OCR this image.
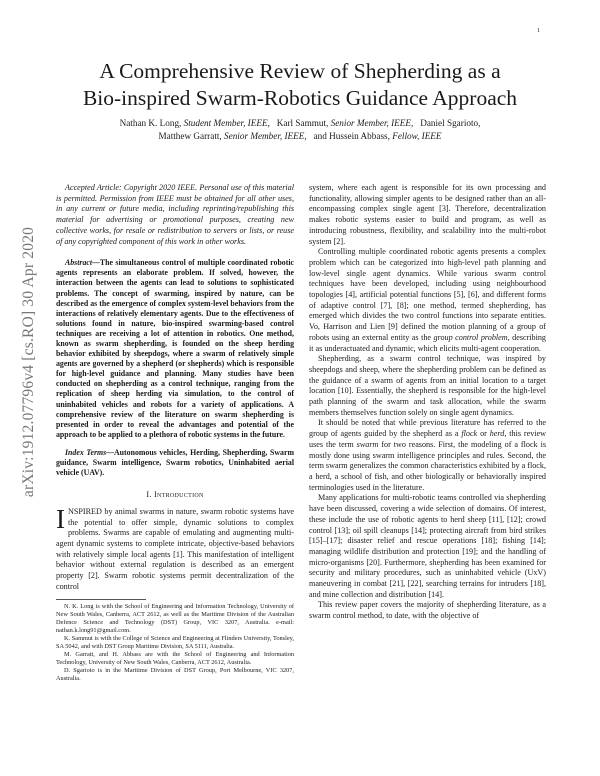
1
arXiv:1912.07796v4 [cs.RO] 30 Apr 2020
A Comprehensive Review of Shepherding as a
Bio-inspired Swarm-Robotics Guidance Approach
Nathan K. Long, Student Member, IEEE, Karl Sammut, Senior Member, IEEE, Daniel Sgarioto,
Matthew Garratt, Senior Member, IEEE, and Hussein Abbass, Fellow, IEEE

Accepted Article: Copyright 2020 IEEE. Personal use of this material is permitted. Permission from IEEE must be obtained for all other uses, in any current or future media, including reprinting/republishing this material for advertising or promotional purposes, creating new collective works, for resale or redistribution to servers or lists, or reuse of any copyrighted component of this work in other works.

Abstract—The simultaneous control of multiple coordinated robotic agents represents an elaborate problem. If solved, however, the interaction between the agents can lead to solutions to sophisticated problems. The concept of swarming, inspired by nature, can be described as the emergence of complex system-level behaviors from the interactions of relatively elementary agents. Due to the effectiveness of solutions found in nature, bio-inspired swarming-based control techniques are receiving a lot of attention in robotics. One method, known as swarm shepherding, is founded on the sheep herding behavior exhibited by sheepdogs, where a swarm of relatively simple agents are governed by a shepherd (or shepherds) which is responsible for high-level guidance and planning. Many studies have been conducted on shepherding as a control technique, ranging from the replication of sheep herding via simulation, to the control of uninhabited vehicles and robots for a variety of applications. A comprehensive review of the literature on swarm shepherding is presented in order to reveal the advantages and potential of the approach to be applied to a plethora of robotic systems in the future.

Index Terms—Autonomous vehicles, Herding, Shepherding, Swarm guidance, Swarm intelligence, Swarm robotics, Uninhabited aerial vehicle (UAV).

I. Introduction

INSPIRED by animal swarms in nature, swarm robotic systems have the potential to offer simple, dynamic solutions to complex problems. Swarms are capable of emulating and augmenting multi-agent dynamic systems to complete intricate, objective-based behaviors with relatively simple local agents [1]. This manifestation of intelligent behavior without external regulation is described as an emergent property [2]. Swarm robotic systems permit decentralization of the control

N. K. Long is with the School of Engineering and Information Technology, University of New South Wales, Canberra, ACT 2612, as well as the Maritime Division of the Australian Defence Science and Technology (DST) Group, VIC 3207, Australia. e-mail: nathan.k.long91@gmail.com.

K. Sammut is with the College of Science and Engineering at Flinders University, Tonsley, SA 5042, and with DST Group Maritime Division, SA 5111, Australia.

M. Garratt, and H. Abbass are with the School of Engineering and Information Technology, University of New South Wales, Canberra, ACT 2612, Australia.

D. Sgarioto is in the Maritime Division of DST Group, Port Melbourne, VIC 3207, Australia.

system, where each agent is responsible for its own processing and functionality, allowing simpler agents to be designed rather than an all-encompassing complex single agent [3]. Therefore, decentralization makes robotic systems easier to build and program, as well as introducing robustness, flexibility, and scalability into the multi-robot system [2].

Controlling multiple coordinated robotic agents presents a complex problem which can be categorized into high-level path planning and low-level single agent dynamics. While various swarm control techniques have been developed, including using neighbourhood topologies [4], artificial potential functions [5], [6], and different forms of adaptive control [7], [8]; one method, termed shepherding, has emerged which divides the two control functions into separate entities. Vo, Harrison and Lien [9] defined the motion planning of a group of robots using an external entity as the group control problem, describing it as underactuated and dynamic, which elicits multi-agent cooperation.

Shepherding, as a swarm control technique, was inspired by sheepdogs and sheep, where the shepherding problem can be defined as the guidance of a swarm of agents from an initial location to a target location [10]. Essentially, the shepherd is responsible for the high-level path planning of the swarm and task allocation, while the swarm members themselves function solely on single agent dynamics.

It should be noted that while previous literature has referred to the group of agents guided by the shepherd as a flock or herd, this review uses the term swarm for two reasons. First, the modeling of a flock is mostly done using swarm intelligence principles and rules. Second, the term swarm generalizes the common characteristics exhibited by a flock, a herd, a school of fish, and other biologically or behaviorally inspired terminologies used in the literature.

Many applications for multi-robotic teams controlled via shepherding have been discussed, covering a wide selection of domains. Of interest, these include the use of robotic agents to herd sheep [11], [12]; crowd control [13]; oil spill cleanups [14]; protecting aircraft from bird strikes [15]–[17]; disaster relief and rescue operations [18]; fishing [14]; managing wildlife distribution and protection [19]; and the handling of micro-organisms [20]. Furthermore, shepherding has been examined for security and military procedures, such as uninhabited vehicle (UxV) maneuvering in combat [21], [22], searching terrains for intruders [18], and mine collection and distribution [14].

This review paper covers the majority of shepherding literature, as a swarm control method, to date, with the objective of
